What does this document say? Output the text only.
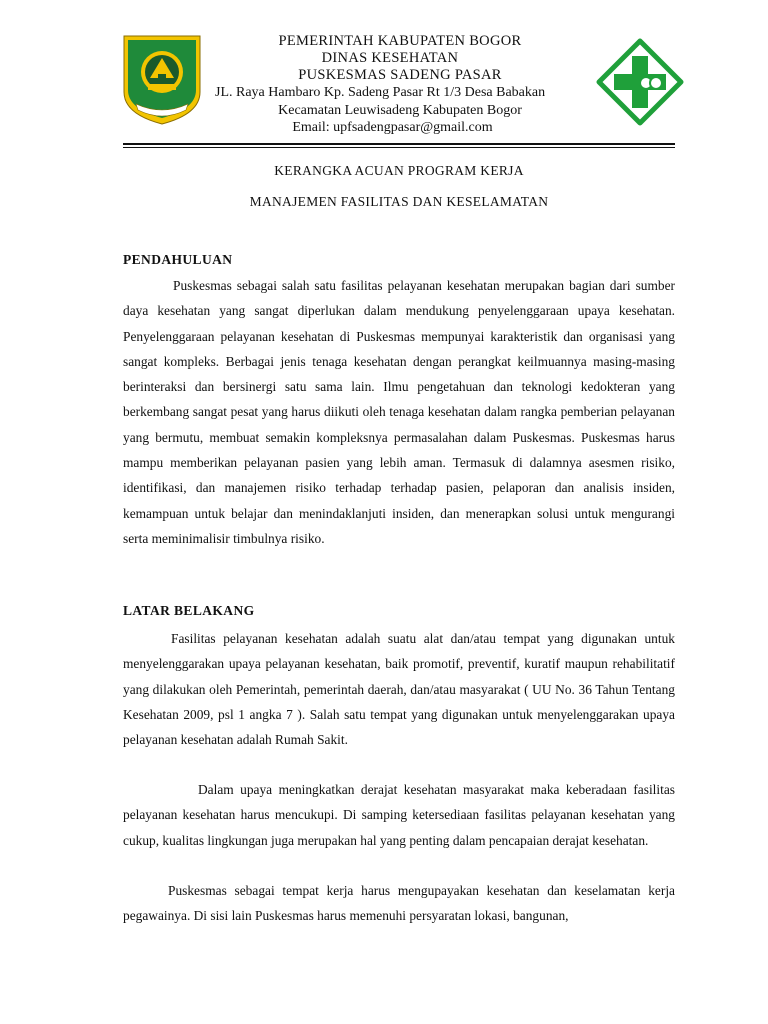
PEMERINTAH KABUPATEN BOGOR
DINAS KESEHATAN
PUSKESMAS SADENG PASAR
JL. Raya Hambaro Kp. Sadeng Pasar Rt 1/3 Desa Babakan
Kecamatan Leuwisadeng Kabupaten Bogor
Email: upfsadengpasar@gmail.com
KERANGKA ACUAN PROGRAM KERJA
MANAJEMEN FASILITAS DAN KESELAMATAN
PENDAHULUAN

Puskesmas sebagai salah satu fasilitas pelayanan kesehatan merupakan bagian dari sumber daya kesehatan yang sangat diperlukan dalam mendukung penyelenggaraan upaya kesehatan. Penyelenggaraan pelayanan kesehatan di Puskesmas mempunyai karakteristik dan organisasi yang sangat kompleks. Berbagai jenis tenaga kesehatan dengan perangkat keilmuannya masing-masing berinteraksi dan bersinergi satu sama lain. Ilmu pengetahuan dan teknologi kedokteran yang berkembang sangat pesat yang harus diikuti oleh tenaga kesehatan dalam rangka pemberian pelayanan yang bermutu, membuat semakin kompleksnya permasalahan dalam Puskesmas. Puskesmas harus mampu memberikan pelayanan pasien yang lebih aman. Termasuk di dalamnya asesmen risiko, identifikasi, dan manajemen risiko terhadap terhadap pasien, pelaporan dan analisis insiden, kemampuan untuk belajar dan menindaklanjuti insiden, dan menerapkan solusi untuk mengurangi serta meminimalisir timbulnya risiko.

LATAR BELAKANG

Fasilitas pelayanan kesehatan adalah suatu alat dan/atau tempat yang digunakan untuk menyelenggarakan upaya pelayanan kesehatan, baik promotif, preventif, kuratif maupun rehabilitatif yang dilakukan oleh Pemerintah, pemerintah daerah, dan/atau masyarakat ( UU No. 36 Tahun Tentang Kesehatan 2009, psl 1 angka 7 ). Salah satu tempat yang digunakan untuk menyelenggarakan upaya pelayanan kesehatan adalah Rumah Sakit.

Dalam upaya meningkatkan derajat kesehatan masyarakat maka keberadaan fasilitas pelayanan kesehatan harus mencukupi. Di samping ketersediaan fasilitas pelayanan kesehatan yang cukup, kualitas lingkungan juga merupakan hal yang penting dalam pencapaian derajat kesehatan.

Puskesmas sebagai tempat kerja harus mengupayakan kesehatan dan keselamatan kerja pegawainya. Di sisi lain Puskesmas harus memenuhi persyaratan lokasi, bangunan,
